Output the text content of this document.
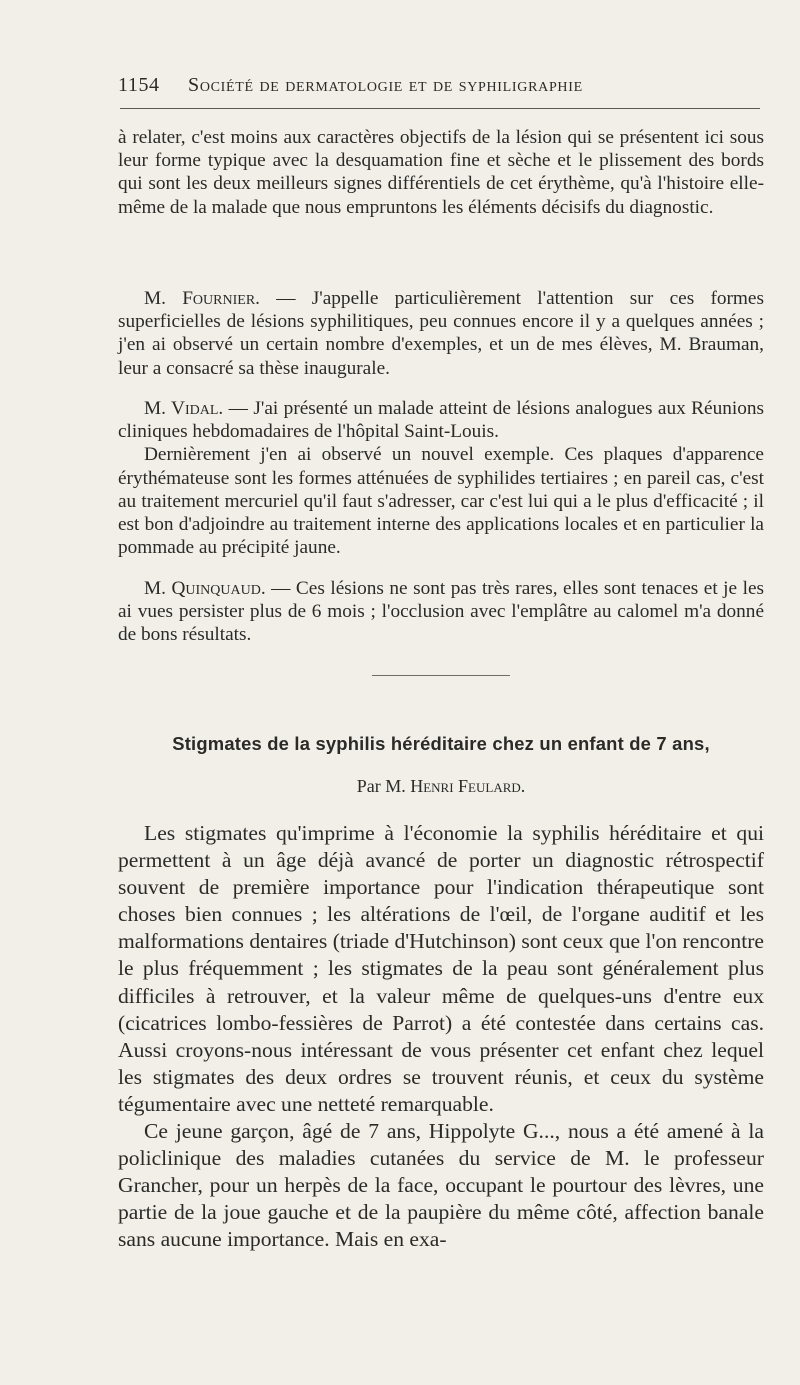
1154 Société de dermatologie et de syphiligraphie

à relater, c'est moins aux caractères objectifs de la lésion qui se présentent ici sous leur forme typique avec la desquamation fine et sèche et le plissement des bords qui sont les deux meilleurs signes différentiels de cet érythème, qu'à l'histoire elle-même de la malade que nous empruntons les éléments décisifs du diagnostic.

M. Fournier. — J'appelle particulièrement l'attention sur ces formes superficielles de lésions syphilitiques, peu connues encore il y a quelques années ; j'en ai observé un certain nombre d'exemples, et un de mes élèves, M. Brauman, leur a consacré sa thèse inaugurale.

M. Vidal. — J'ai présenté un malade atteint de lésions analogues aux Réunions cliniques hebdomadaires de l'hôpital Saint-Louis.

Dernièrement j'en ai observé un nouvel exemple. Ces plaques d'apparence érythémateuse sont les formes atténuées de syphilides tertiaires ; en pareil cas, c'est au traitement mercuriel qu'il faut s'adresser, car c'est lui qui a le plus d'efficacité ; il est bon d'adjoindre au traitement interne des applications locales et en particulier la pommade au précipité jaune.

M. Quinquaud. — Ces lésions ne sont pas très rares, elles sont tenaces et je les ai vues persister plus de 6 mois ; l'occlusion avec l'emplâtre au calomel m'a donné de bons résultats.

Stigmates de la syphilis héréditaire chez un enfant de 7 ans,
Par M. Henri Feulard.

Les stigmates qu'imprime à l'économie la syphilis héréditaire et qui permettent à un âge déjà avancé de porter un diagnostic rétrospectif souvent de première importance pour l'indication thérapeutique sont choses bien connues ; les altérations de l'œil, de l'organe auditif et les malformations dentaires (triade d'Hutchinson) sont ceux que l'on rencontre le plus fréquemment ; les stigmates de la peau sont généralement plus difficiles à retrouver, et la valeur même de quelques-uns d'entre eux (cicatrices lombo-fessières de Parrot) a été contestée dans certains cas. Aussi croyons-nous intéressant de vous présenter cet enfant chez lequel les stigmates des deux ordres se trouvent réunis, et ceux du système tégumentaire avec une netteté remarquable.

Ce jeune garçon, âgé de 7 ans, Hippolyte G..., nous a été amené à la policlinique des maladies cutanées du service de M. le professeur Grancher, pour un herpès de la face, occupant le pourtour des lèvres, une partie de la joue gauche et de la paupière du même côté, affection banale sans aucune importance. Mais en exa-
